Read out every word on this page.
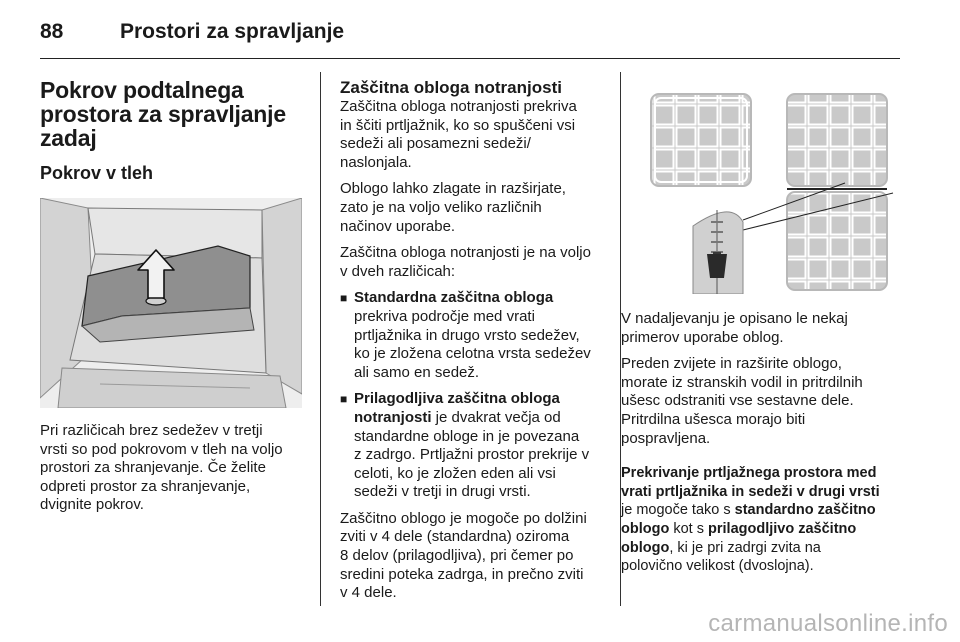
88	Prostori za spravljanje
Pokrov podtalnega
prostora za spravljanje
zadaj
Pokrov v tleh

Pri različicah brez sedežev v tretji
vrsti so pod pokrovom v tleh na voljo
prostori za shranjevanje. Če želite
odpreti prostor za shranjevanje,
dvignite pokrov.

Zaščitna obloga notranjosti

Zaščitna obloga notranjosti prekriva
in ščiti prtljažnik, ko so spuščeni vsi
sedeži ali posamezni sedeži/
naslonjala.

Oblogo lahko zlagate in razširjate,
zato je na voljo veliko različnih
načinov uporabe.

Zaščitna obloga notranjosti je na voljo
v dveh različicah:

■ Standardna zaščitna obloga
prekriva področje med vrati
prtljažnika in drugo vrsto sedežev,
ko je zložena celotna vrsta sedežev
ali samo en sedež.
■ Prilagodljiva zaščitna obloga
notranjosti je dvakrat večja od
standardne obloge in je povezana
z zadrgo. Prtljažni prostor prekrije v
celoti, ko je zložen eden ali vsi
sedeži v tretji in drugi vrsti.

Zaščitno oblogo je mogoče po dolžini
zviti v 4 dele (standardna) oziroma
8 delov (prilagodljiva), pri čemer po
sredini poteka zadrga, in prečno zviti
v 4 dele.

V nadaljevanju je opisano le nekaj
primerov uporabe oblog.

Preden zvijete in razširite oblogo,
morate iz stranskih vodil in pritrdilnih
ušesc odstraniti vse sestavne dele.
Pritrdilna ušesca morajo biti
pospravljena.

Prekrivanje prtljažnega prostora med
vrati prtljažnika in sedeži v drugi vrsti
je mogoče tako s standardno zaščitno
oblogo kot s prilagodljivo zaščitno
oblogo, ki je pri zadrgi zvita na
polovično velikost (dvoslojna).

carmanualsonline.info
